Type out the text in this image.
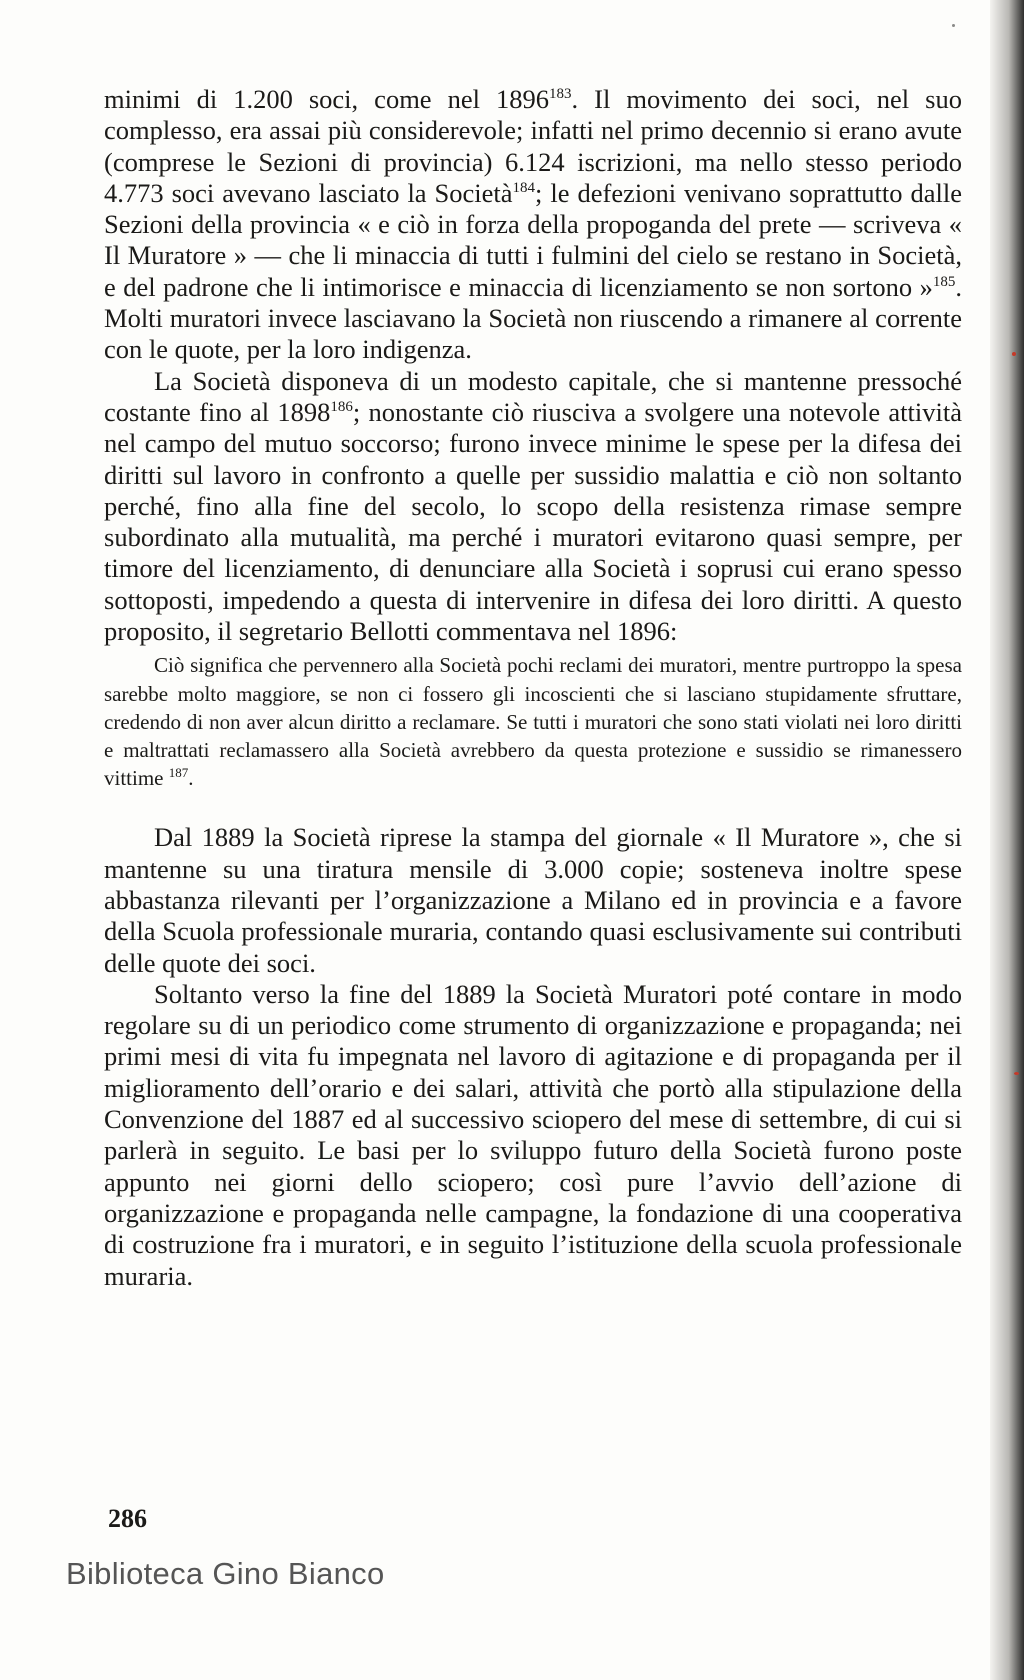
minimi di 1.200 soci, come nel 1896$^{183}$. Il movimento dei soci, nel suo complesso, era assai più considerevole; infatti nel primo decennio si erano avute (comprese le Sezioni di provincia) 6.124 iscrizioni, ma nello stesso periodo 4.773 soci avevano lasciato la Società$^{184}$; le defezioni venivano soprattutto dalle Sezioni della provincia « e ciò in forza della propoganda del prete — scriveva « Il Muratore » — che li minaccia di tutti i fulmini del cielo se restano in Società, e del padrone che li intimorisce e minaccia di licenziamento se non sortono »$^{185}$. Molti muratori invece lasciavano la Società non riuscendo a rimanere al corrente con le quote, per la loro indigenza.

La Società disponeva di un modesto capitale, che si mantenne pressoché costante fino al 1898$^{186}$; nonostante ciò riusciva a svolgere una notevole attività nel campo del mutuo soccorso; furono invece minime le spese per la difesa dei diritti sul lavoro in confronto a quelle per sussidio malattia e ciò non soltanto perché, fino alla fine del secolo, lo scopo della resistenza rimase sempre subordinato alla mutualità, ma perché i muratori evitarono quasi sempre, per timore del licenziamento, di denunciare alla Società i soprusi cui erano spesso sottoposti, impedendo a questa di intervenire in difesa dei loro diritti. A questo proposito, il segretario Bellotti commentava nel 1896:

Ciò significa che pervennero alla Società pochi reclami dei muratori, mentre purtroppo la spesa sarebbe molto maggiore, se non ci fossero gli incoscienti che si lasciano stupidamente sfruttare, credendo di non aver alcun diritto a reclamare. Se tutti i muratori che sono stati violati nei loro diritti e maltrattati reclamassero alla Società avrebbero da questa protezione e sussidio se rimanessero vittime $^{187}$.

Dal 1889 la Società riprese la stampa del giornale « Il Muratore », che si mantenne su una tiratura mensile di 3.000 copie; sosteneva inoltre spese abbastanza rilevanti per l’organizzazione a Milano ed in provincia e a favore della Scuola professionale muraria, contando quasi esclusivamente sui contributi delle quote dei soci.

Soltanto verso la fine del 1889 la Società Muratori poté contare in modo regolare su di un periodico come strumento di organizzazione e propaganda; nei primi mesi di vita fu impegnata nel lavoro di agitazione e di propaganda per il miglioramento dell’orario e dei salari, attività che portò alla stipulazione della Convenzione del 1887 ed al successivo sciopero del mese di settembre, di cui si parlerà in seguito. Le basi per lo sviluppo futuro della Società furono poste appunto nei giorni dello sciopero; così pure l’avvio dell’azione di organizzazione e propaganda nelle campagne, la fondazione di una cooperativa di costruzione fra i muratori, e in seguito l’istituzione della scuola professionale muraria.

286
Biblioteca Gino Bianco
